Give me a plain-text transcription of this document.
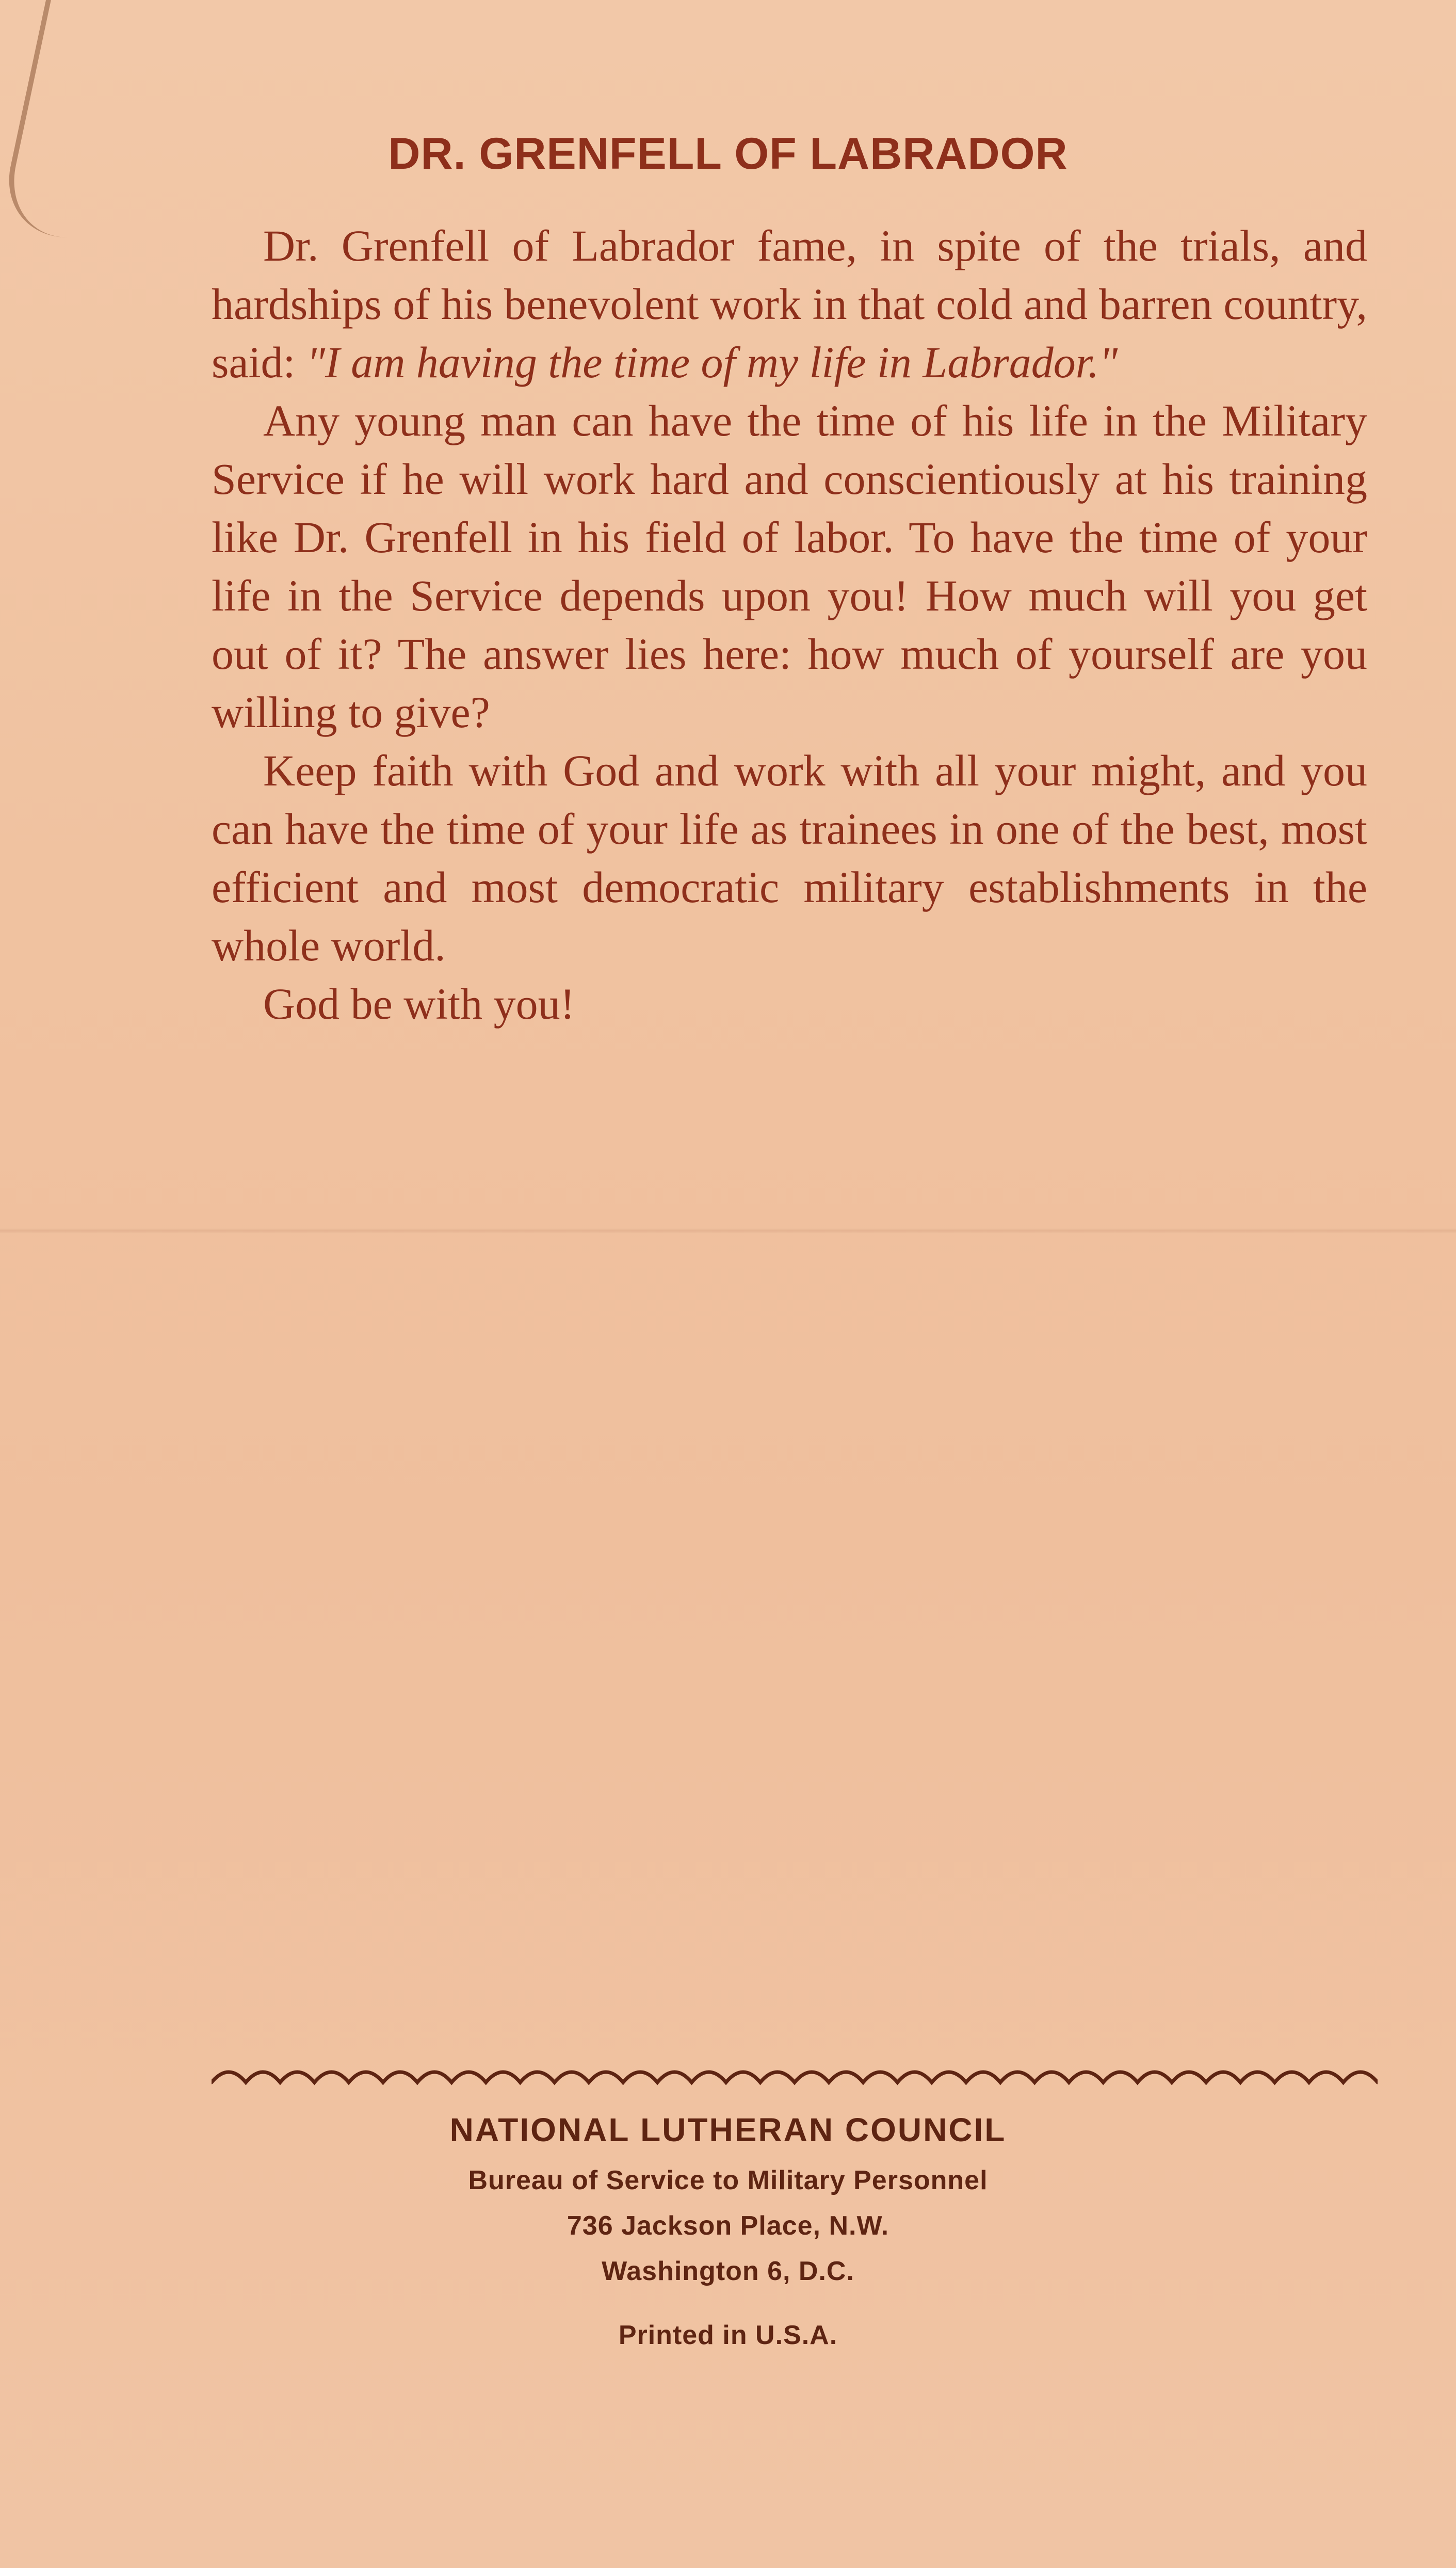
DR. GRENFELL OF LABRADOR

Dr. Grenfell of Labrador fame, in spite of the trials, and hardships of his benevolent work in that cold and barren country, said: "I am having the time of my life in Labrador."

Any young man can have the time of his life in the Military Service if he will work hard and conscientiously at his training like Dr. Grenfell in his field of labor. To have the time of your life in the Service depends upon you! How much will you get out of it? The answer lies here: how much of yourself are you willing to give?

Keep faith with God and work with all your might, and you can have the time of your life as trainees in one of the best, most efficient and most democratic military establishments in the whole world.

God be with you!

NATIONAL LUTHERAN COUNCIL
Bureau of Service to Military Personnel
736 Jackson Place, N.W.
Washington 6, D.C.
Printed in U.S.A.
